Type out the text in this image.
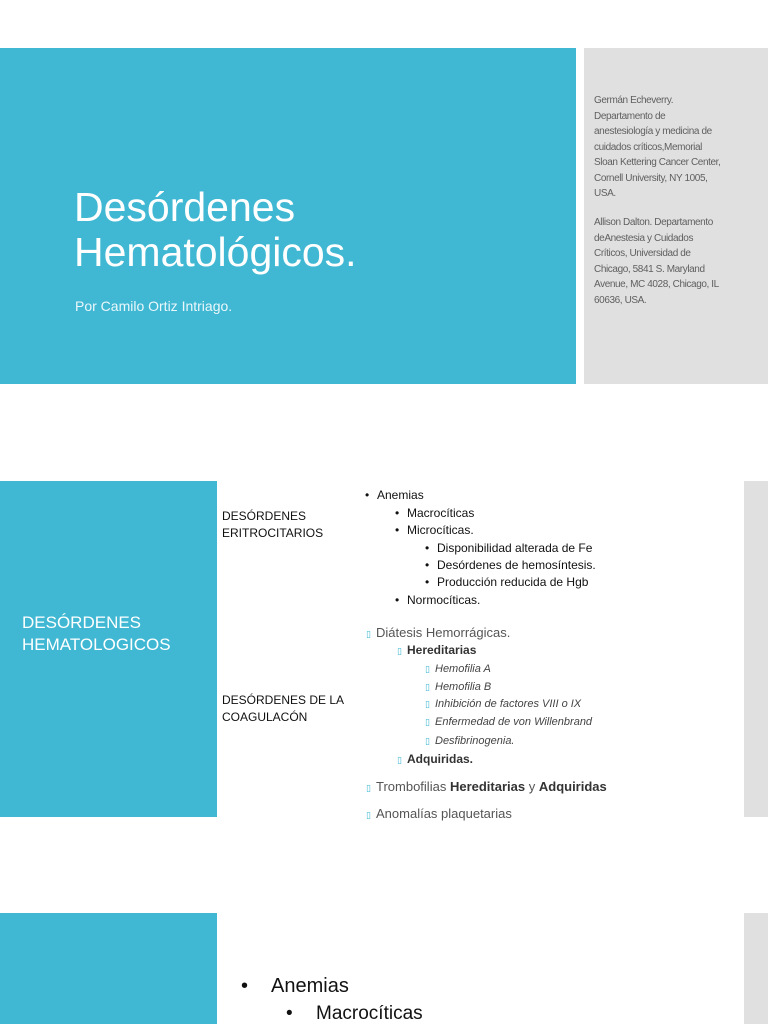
Desórdenes
Hematológicos.
Por Camilo Ortiz Intriago.
Germán Echeverry.
Departamento de
anestesiología y medicina de
cuidados críticos,Memorial
Sloan Kettering Cancer Center,
Cornell University, NY 1005,
USA.
Allison Dalton. Departamento
deAnestesia y Cuidados
Críticos, Universidad de
Chicago, 5841 S. Maryland
Avenue, MC 4028, Chicago, IL
60636, USA.
DESÓRDENES
HEMATOLOGICOS
DESÓRDENES
ERITROCITARIOS
DESÓRDENES DE LA
COAGULACÓN
• Anemias
• Macrocíticas
• Microcíticas.
• Disponibilidad alterada de Fe
• Desórdenes de hemosíntesis.
• Producción reducida de Hgb
• Normocíticas.
▯ Diátesis Hemorrágicas.
▯ Hereditarias
▯ Hemofilia A
▯ Hemofilia B
▯ Inhibición de factores VIII o IX
▯ Enfermedad de von Willenbrand
▯ Desfibrinogenia.
▯ Adquiridas.
▯ Trombofilias Hereditarias y Adquiridas
▯ Anomalías plaquetarias
• Anemias
• Macrocíticas
